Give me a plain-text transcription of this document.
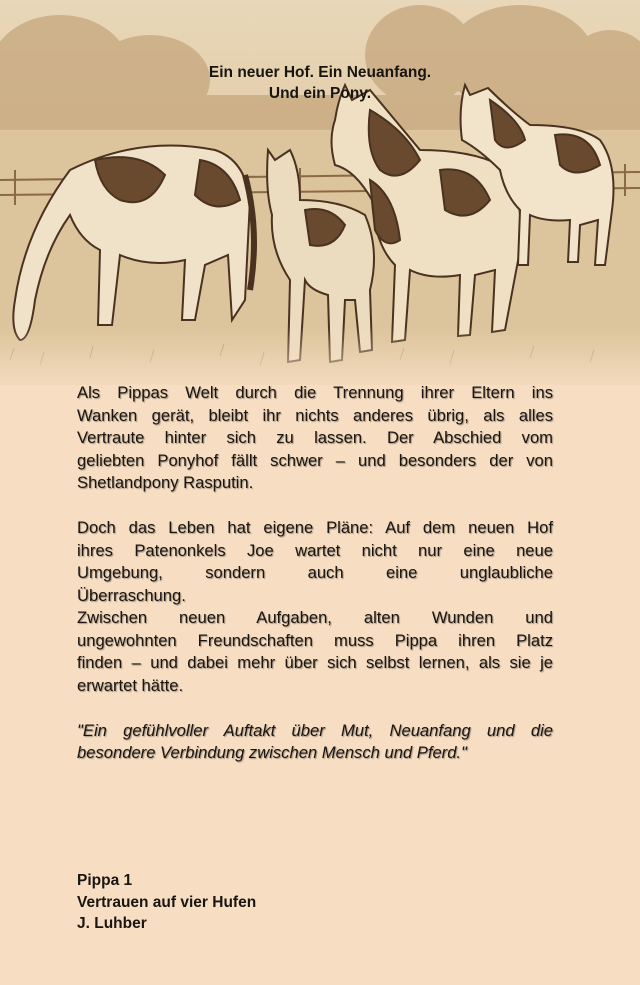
Ein neuer Hof. Ein Neuanfang.
Und ein Pony.

Als Pippas Welt durch die Trennung ihrer Eltern ins

Wanken gerät, bleibt ihr nichts anderes übrig, als alles

Vertraute hinter sich zu lassen. Der Abschied vom

geliebten Ponyhof fällt schwer – und besonders der von

Shetlandpony Rasputin.

Doch das Leben hat eigene Pläne: Auf dem neuen Hof

ihres Patenonkels Joe wartet nicht nur eine neue

Umgebung, sondern auch eine unglaubliche

Überraschung.

Zwischen neuen Aufgaben, alten Wunden und

ungewohnten Freundschaften muss Pippa ihren Platz

finden – und dabei mehr über sich selbst lernen, als sie je

erwartet hätte.

"Ein gefühlvoller Auftakt über Mut, Neuanfang und die

besondere Verbindung zwischen Mensch und Pferd."

Pippa 1
Vertrauen auf vier Hufen
J. Luhber
